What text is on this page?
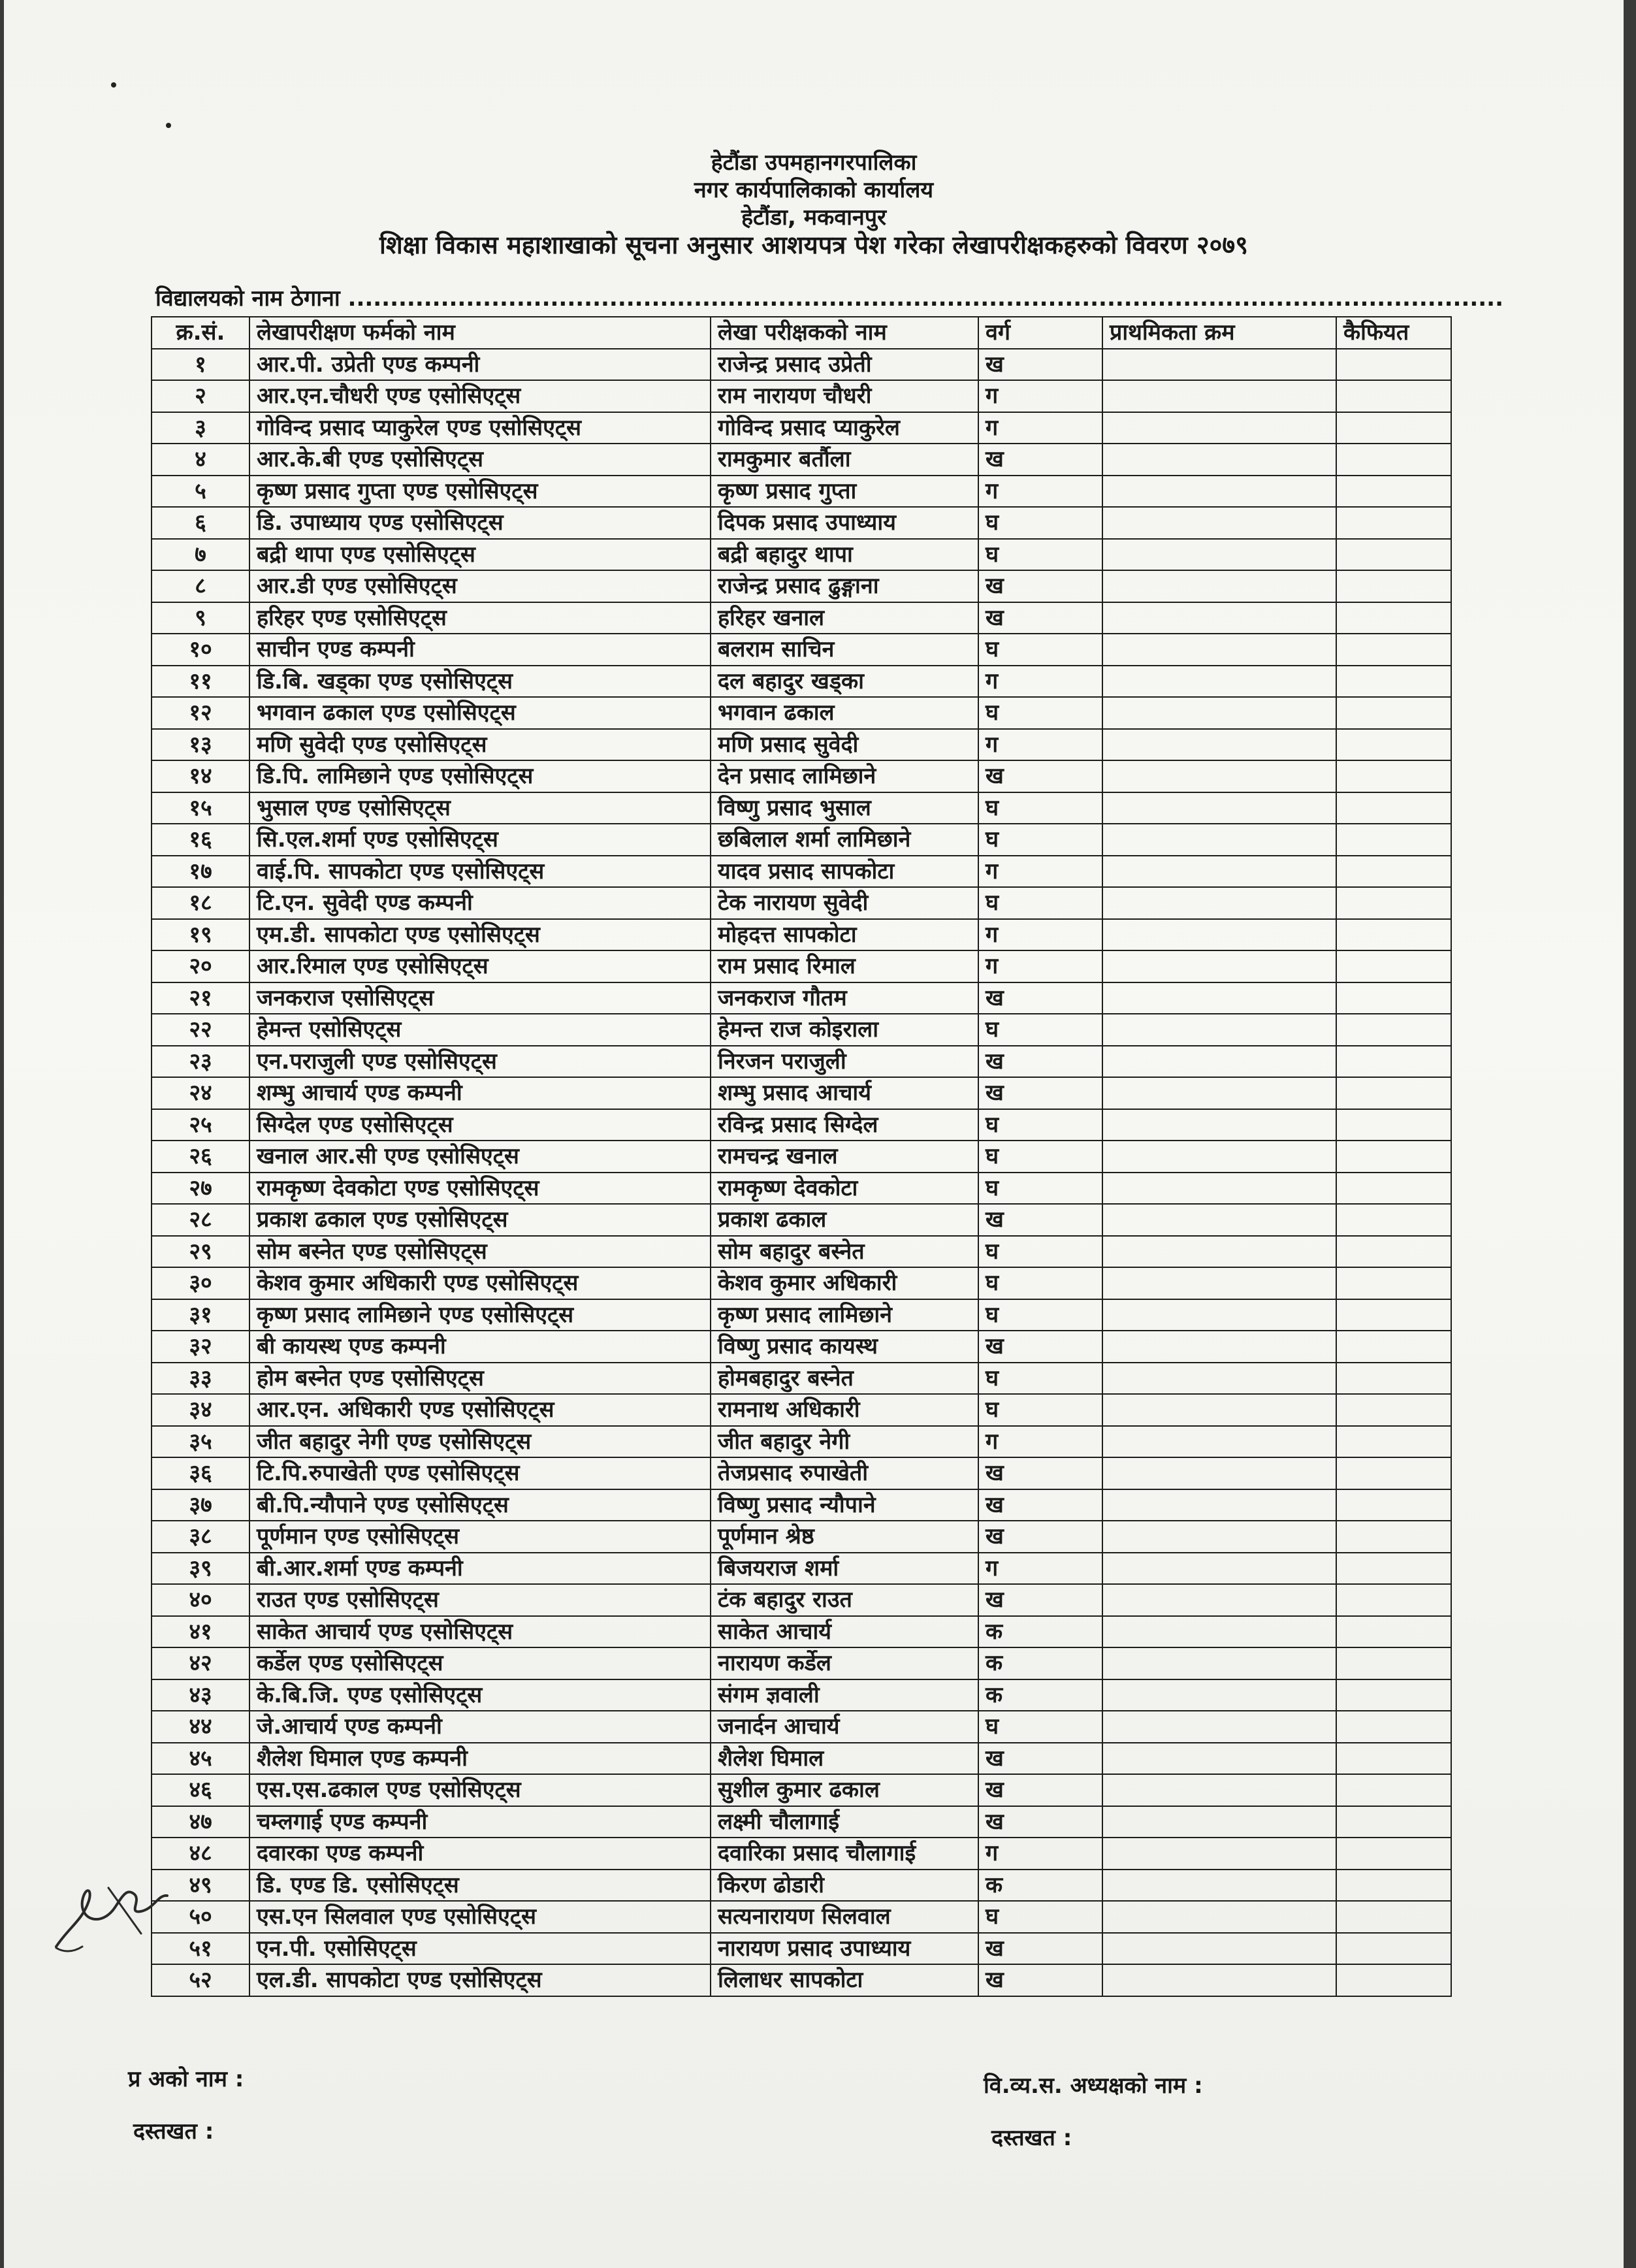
हेटौंडा उपमहानगरपालिका
नगर कार्यपालिकाको कार्यालय
हेटौंडा, मकवानपुर
शिक्षा विकास महाशाखाको सूचना अनुसार आशयपत्र पेश गरेका लेखापरीक्षकहरुको विवरण २०७९
विद्यालयको नाम ठेगाना .........................................................................................................................................
क्र.सं.	लेखापरीक्षण फर्मको नाम	लेखा परीक्षकको नाम	वर्ग	प्राथमिकता क्रम	कैफियत
१	आर.पी. उप्रेती एण्ड कम्पनी	राजेन्द्र प्रसाद उप्रेती	ख		
२	आर.एन.चौधरी एण्ड एसोसिएट्स	राम नारायण चौधरी	ग		
३	गोविन्द प्रसाद प्याकुरेल एण्ड एसोसिएट्स	गोविन्द प्रसाद प्याकुरेल	ग		
४	आर.के.बी एण्ड एसोसिएट्स	रामकुमार बर्तौला	ख		
५	कृष्ण प्रसाद गुप्ता एण्ड एसोसिएट्स	कृष्ण प्रसाद गुप्ता	ग		
६	डि. उपाध्याय एण्ड एसोसिएट्स	दिपक प्रसाद उपाध्याय	घ		
७	बद्री थापा एण्ड एसोसिएट्स	बद्री बहादुर थापा	घ		
८	आर.डी एण्ड एसोसिएट्स	राजेन्द्र प्रसाद ढुङ्गाना	ख		
९	हरिहर एण्ड एसोसिएट्स	हरिहर खनाल	ख		
१०	साचीन एण्ड कम्पनी	बलराम साचिन	घ		
११	डि.बि. खड्का एण्ड एसोसिएट्स	दल बहादुर खड्का	ग		
१२	भगवान ढकाल एण्ड एसोसिएट्स	भगवान ढकाल	घ		
१३	मणि सुवेदी एण्ड एसोसिएट्स	मणि प्रसाद सुवेदी	ग		
१४	डि.पि. लामिछाने एण्ड एसोसिएट्स	देन प्रसाद लामिछाने	ख		
१५	भुसाल एण्ड एसोसिएट्स	विष्णु प्रसाद भुसाल	घ		
१६	सि.एल.शर्मा एण्ड एसोसिएट्स	छबिलाल शर्मा लामिछाने	घ		
१७	वाई.पि. सापकोटा एण्ड एसोसिएट्स	यादव प्रसाद सापकोटा	ग		
१८	टि.एन. सुवेदी एण्ड कम्पनी	टेक नारायण सुवेदी	घ		
१९	एम.डी. सापकोटा एण्ड एसोसिएट्स	मोहदत्त सापकोटा	ग		
२०	आर.रिमाल एण्ड एसोसिएट्स	राम प्रसाद रिमाल	ग		
२१	जनकराज एसोसिएट्स	जनकराज गौतम	ख		
२२	हेमन्त एसोसिएट्स	हेमन्त राज कोइराला	घ		
२३	एन.पराजुली एण्ड एसोसिएट्स	निरजन पराजुली	ख		
२४	शम्भु आचार्य एण्ड कम्पनी	शम्भु प्रसाद आचार्य	ख		
२५	सिग्देल एण्ड एसोसिएट्स	रविन्द्र प्रसाद सिग्देल	घ		
२६	खनाल आर.सी एण्ड एसोसिएट्स	रामचन्द्र खनाल	घ		
२७	रामकृष्ण देवकोटा एण्ड एसोसिएट्स	रामकृष्ण देवकोटा	घ		
२८	प्रकाश ढकाल एण्ड एसोसिएट्स	प्रकाश ढकाल	ख		
२९	सोम बस्नेत एण्ड एसोसिएट्स	सोम बहादुर बस्नेत	घ		
३०	केशव कुमार अधिकारी एण्ड एसोसिएट्स	केशव कुमार अधिकारी	घ		
३१	कृष्ण प्रसाद लामिछाने एण्ड एसोसिएट्स	कृष्ण प्रसाद लामिछाने	घ		
३२	बी कायस्थ एण्ड कम्पनी	विष्णु प्रसाद कायस्थ	ख		
३३	होम बस्नेत एण्ड एसोसिएट्स	होमबहादुर बस्नेत	घ		
३४	आर.एन. अधिकारी एण्ड एसोसिएट्स	रामनाथ अधिकारी	घ		
३५	जीत बहादुर नेगी एण्ड एसोसिएट्स	जीत बहादुर नेगी	ग		
३६	टि.पि.रुपाखेती एण्ड एसोसिएट्स	तेजप्रसाद रुपाखेती	ख		
३७	बी.पि.न्यौपाने एण्ड एसोसिएट्स	विष्णु प्रसाद न्यौपाने	ख		
३८	पूर्णमान एण्ड एसोसिएट्स	पूर्णमान श्रेष्ठ	ख		
३९	बी.आर.शर्मा एण्ड कम्पनी	बिजयराज शर्मा	ग		
४०	राउत एण्ड एसोसिएट्स	टंक बहादुर राउत	ख		
४१	साकेत आचार्य एण्ड एसोसिएट्स	साकेत आचार्य	क		
४२	कर्डेल एण्ड एसोसिएट्स	नारायण कर्डेल	क		
४३	के.बि.जि. एण्ड एसोसिएट्स	संगम ज्ञवाली	क		
४४	जे.आचार्य एण्ड कम्पनी	जनार्दन आचार्य	घ		
४५	शैलेश घिमाल एण्ड कम्पनी	शैलेश घिमाल	ख		
४६	एस.एस.ढकाल एण्ड एसोसिएट्स	सुशील कुमार ढकाल	ख		
४७	चम्लगाई एण्ड कम्पनी	लक्ष्मी चौलागाई	ख		
४८	दवारका एण्ड कम्पनी	दवारिका प्रसाद चौलागाई	ग		
४९	डि. एण्ड डि. एसोसिएट्स	किरण ढोडारी	क		
५०	एस.एन सिलवाल एण्ड एसोसिएट्स	सत्यनारायण सिलवाल	घ		
५१	एन.पी. एसोसिएट्स	नारायण प्रसाद उपाध्याय	ख		
५२	एल.डी. सापकोटा एण्ड एसोसिएट्स	लिलाधर सापकोटा	ख		
प्र अको नाम :
दस्तखत :
वि.व्य.स. अध्यक्षको नाम :
दस्तखत :
